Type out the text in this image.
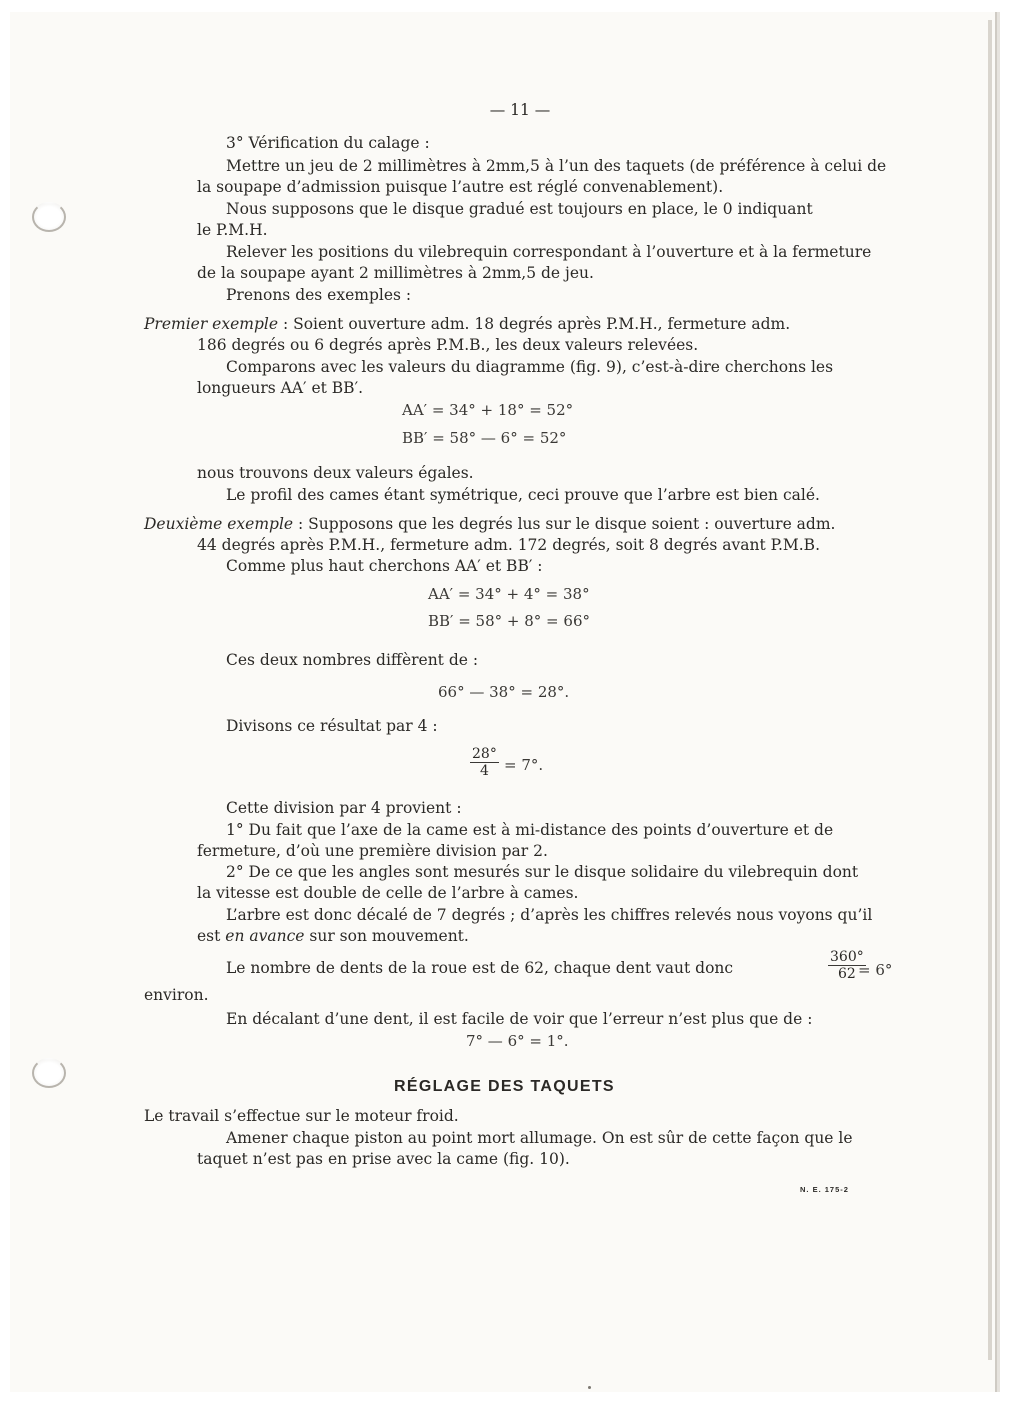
— 11 —
3° Vérification du calage :
Mettre un jeu de 2 millimètres à 2mm,5 à l’un des taquets (de préférence à celui de
la soupape d’admission puisque l’autre est réglé convenablement).
Nous supposons que le disque gradué est toujours en place, le 0 indiquant
le P.M.H.
Relever les positions du vilebrequin correspondant à l’ouverture et à la fermeture
de la soupape ayant 2 millimètres à 2mm,5 de jeu.
Prenons des exemples :
Premier exemple : Soient ouverture adm. 18 degrés après P.M.H., fermeture adm.
186 degrés ou 6 degrés après P.M.B., les deux valeurs relevées.
Comparons avec les valeurs du diagramme (fig. 9), c’est-à-dire cherchons les
longueurs AA′ et BB′.
AA′ = 34° + 18° = 52°
BB′ = 58° — 6° = 52°
nous trouvons deux valeurs égales.
Le profil des cames étant symétrique, ceci prouve que l’arbre est bien calé.
Deuxième exemple : Supposons que les degrés lus sur le disque soient : ouverture adm.
44 degrés après P.M.H., fermeture adm. 172 degrés, soit 8 degrés avant P.M.B.
Comme plus haut cherchons AA′ et BB′ :
AA′ = 34° + 4° = 38°
BB′ = 58° + 8° = 66°
Ces deux nombres diffèrent de :
66° — 38° = 28°.
Divisons ce résultat par 4 :
$\frac{28^\circ}{4} = 7^\circ$.
Cette division par 4 provient :
1° Du fait que l’axe de la came est à mi-distance des points d’ouverture et de
fermeture, d’où une première division par 2.
2° De ce que les angles sont mesurés sur le disque solidaire du vilebrequin dont
la vitesse est double de celle de l’arbre à cames.
L’arbre est donc décalé de 7 degrés ; d’après les chiffres relevés nous voyons qu’il
est en avance sur son mouvement.
Le nombre de dents de la roue est de 62, chaque dent vaut donc	$\frac{360^\circ}{62}$
= 6°
environ.
En décalant d’une dent, il est facile de voir que l’erreur n’est plus que de :
7° — 6° = 1°.
RÉGLAGE DES TAQUETS
Le travail s’effectue sur le moteur froid.
Amener chaque piston au point mort allumage. On est sûr de cette façon que le
taquet n’est pas en prise avec la came (fig. 10).
N. E. 175-2
